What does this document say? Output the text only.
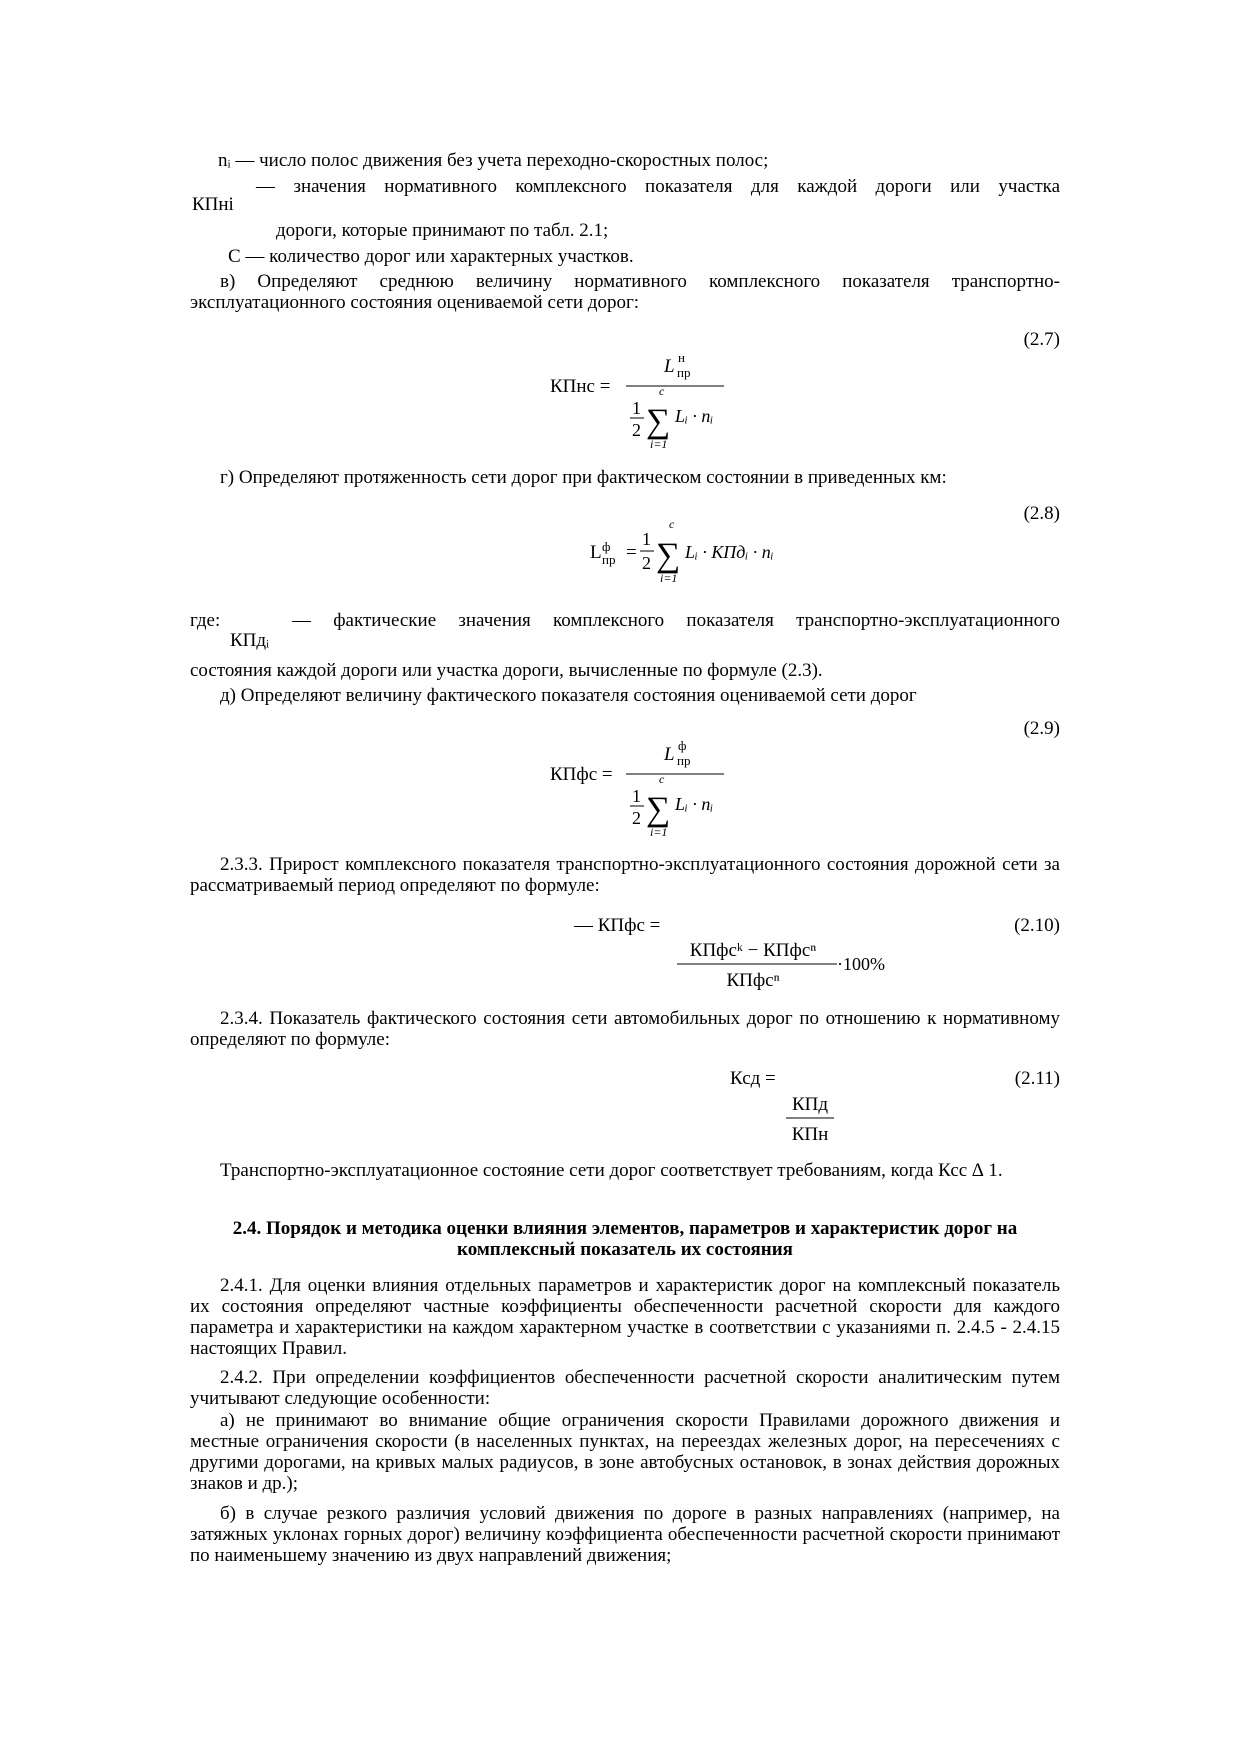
nᵢ — число полос движения без учета переходно-скоростных полос;
— значения нормативного комплексного показателя для каждой дороги или участка
КПнi
дороги, которые принимают по табл. 2.1;
C — количество дорог или характерных участков.
в) Определяют среднюю величину нормативного комплексного показателя транспортно-эксплуатационного состояния оцениваемой сети дорог:
(2.7)
КПнс =
L н
пр
c
1
2 ∑
i=1
Lᵢ · nᵢ
г) Определяют протяженность сети дорог при фактическом состоянии в приведенных км:
(2.8)
L ф
пр =
1
2
c
∑
i=1
Lᵢ · КПдᵢ · nᵢ
где:	— фактические значения комплексного показателя транспортно-эксплуатационного
КПдᵢ
состояния каждой дороги или участка дороги, вычисленные по формуле (2.3).
д) Определяют величину фактического показателя состояния оцениваемой сети дорог
(2.9)
КПфс =
L ф
пр
c
1
2 ∑
i=1
Lᵢ · nᵢ
2.3.3. Прирост комплексного показателя транспортно-эксплуатационного состояния дорожной сети за рассматриваемый период определяют по формуле:
— КПфс =	(2.10)
КПфсᵏ − КПфсⁿ
КПфсⁿ
·100%
2.3.4. Показатель фактического состояния сети автомобильных дорог по отношению к нормативному определяют по формуле:
Ксд =	(2.11)
КПд
КПн
Транспортно-эксплуатационное состояние сети дорог соответствует требованиям, когда Ксс ∆ 1.
2.4. Порядок и методика оценки влияния элементов, параметров и характеристик дорог на комплексный показатель их состояния
2.4.1. Для оценки влияния отдельных параметров и характеристик дорог на комплексный показатель их состояния определяют частные коэффициенты обеспеченности расчетной скорости для каждого параметра и характеристики на каждом характерном участке в соответствии с указаниями п. 2.4.5 - 2.4.15 настоящих Правил.
2.4.2. При определении коэффициентов обеспеченности расчетной скорости аналитическим путем учитывают следующие особенности:
а) не принимают во внимание общие ограничения скорости Правилами дорожного движения и местные ограничения скорости (в населенных пунктах, на переездах железных дорог, на пересечениях с другими дорогами, на кривых малых радиусов, в зоне автобусных остановок, в зонах действия дорожных знаков и др.);
б) в случае резкого различия условий движения по дороге в разных направлениях (например, на затяжных уклонах горных дорог) величину коэффициента обеспеченности расчетной скорости принимают по наименьшему значению из двух направлений движения;
